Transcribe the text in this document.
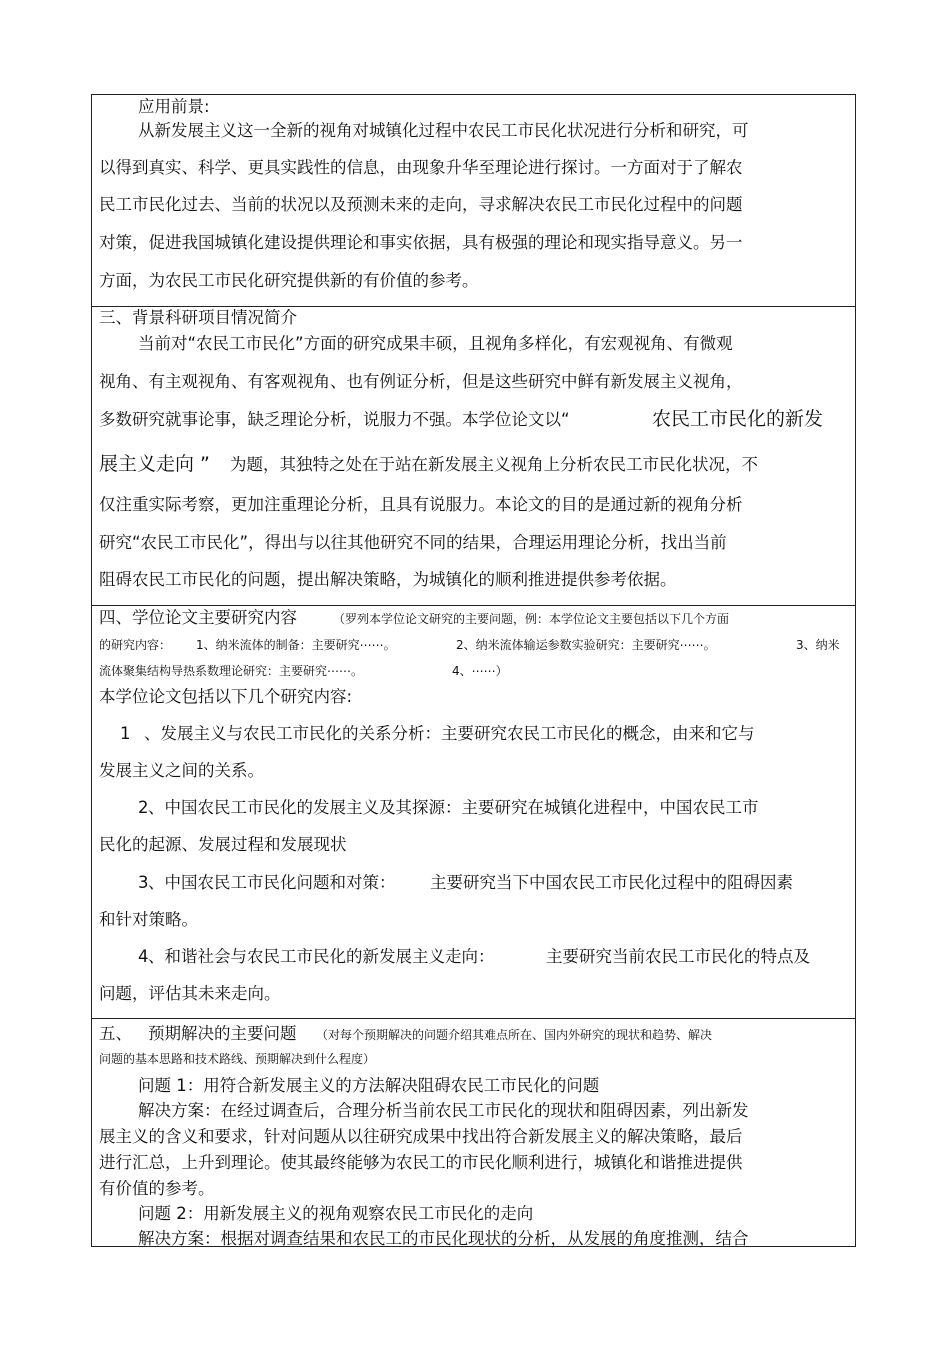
应用前景:
从新发展主义这一全新的视角对城镇化过程中农民工市民化状况进行分析和研究，可
以得到真实、科学、更具实践性的信息，由现象升华至理论进行探讨。一方面对于了解农
民工市民化过去、当前的状况以及预测未来的走向，寻求解决农民工市民化过程中的问题
对策，促进我国城镇化建设提供理论和事实依据，具有极强的理论和现实指导意义。另一
方面，为农民工市民化研究提供新的有价值的参考。
三、背景科研项目情况简介
当前对“农民工市民化”方面的研究成果丰硕，且视角多样化，有宏观视角、有微观
视角、有主观视角、有客观视角、也有例证分析，但是这些研究中鲜有新发展主义视角，
多数研究就事论事，缺乏理论分析，说服力不强。本学位论文以“	农民工市民化的新发
展主义走向 ” 为题，其独特之处在于站在新发展主义视角上分析农民工市民化状况，不
仅注重实际考察，更加注重理论分析，且具有说服力。本论文的目的是通过新的视角分析
研究“农民工市民化”，得出与以往其他研究不同的结果，合理运用理论分析，找出当前
阻碍农民工市民化的问题，提出解决策略，为城镇化的顺利推进提供参考依据。
四、学位论文主要研究内容	（罗列本学位论文研究的主要问题，例：本学位论文主要包括以下几个方面
的研究内容： 1、纳米流体的制备：主要研究⋯⋯。	2、纳米流体输运参数实验研究：主要研究⋯⋯。	3、纳米
流体聚集结构导热系数理论研究：主要研究⋯⋯。	4、⋯⋯）
本学位论文包括以下几个研究内容:
1 、发展主义与农民工市民化的关系分析：主要研究农民工市民化的概念，由来和它与
发展主义之间的关系。
2 、中国农民工市民化的发展主义及其探源：主要研究在城镇化进程中，中国农民工市
民化的起源、发展过程和发展现状
3 、中国农民工市民化问题和对策： 主要研究当下中国农民工市民化过程中的阻碍因素
和针对策略。
4 、和谐社会与农民工市民化的新发展主义走向：	主要研究当前农民工市民化的特点及
问题，评估其未来走向。
五、 预期解决的主要问题 （对每个预期解决的问题介绍其难点所在、国内外研究的现状和趋势、解决
问题的基本思路和技术路线、预期解决到什么程度）
问题 1：用符合新发展主义的方法解决阻碍农民工市民化的问题
解决方案：在经过调查后，合理分析当前农民工市民化的现状和阻碍因素，列出新发
展主义的含义和要求，针对问题从以往研究成果中找出符合新发展主义的解决策略，最后
进行汇总，上升到理论。使其最终能够为农民工的市民化顺利进行，城镇化和谐推进提供
有价值的参考。
问题 2：用新发展主义的视角观察农民工市民化的走向
解决方案：根据对调查结果和农民工的市民化现状的分析，从发展的角度推测，结合
